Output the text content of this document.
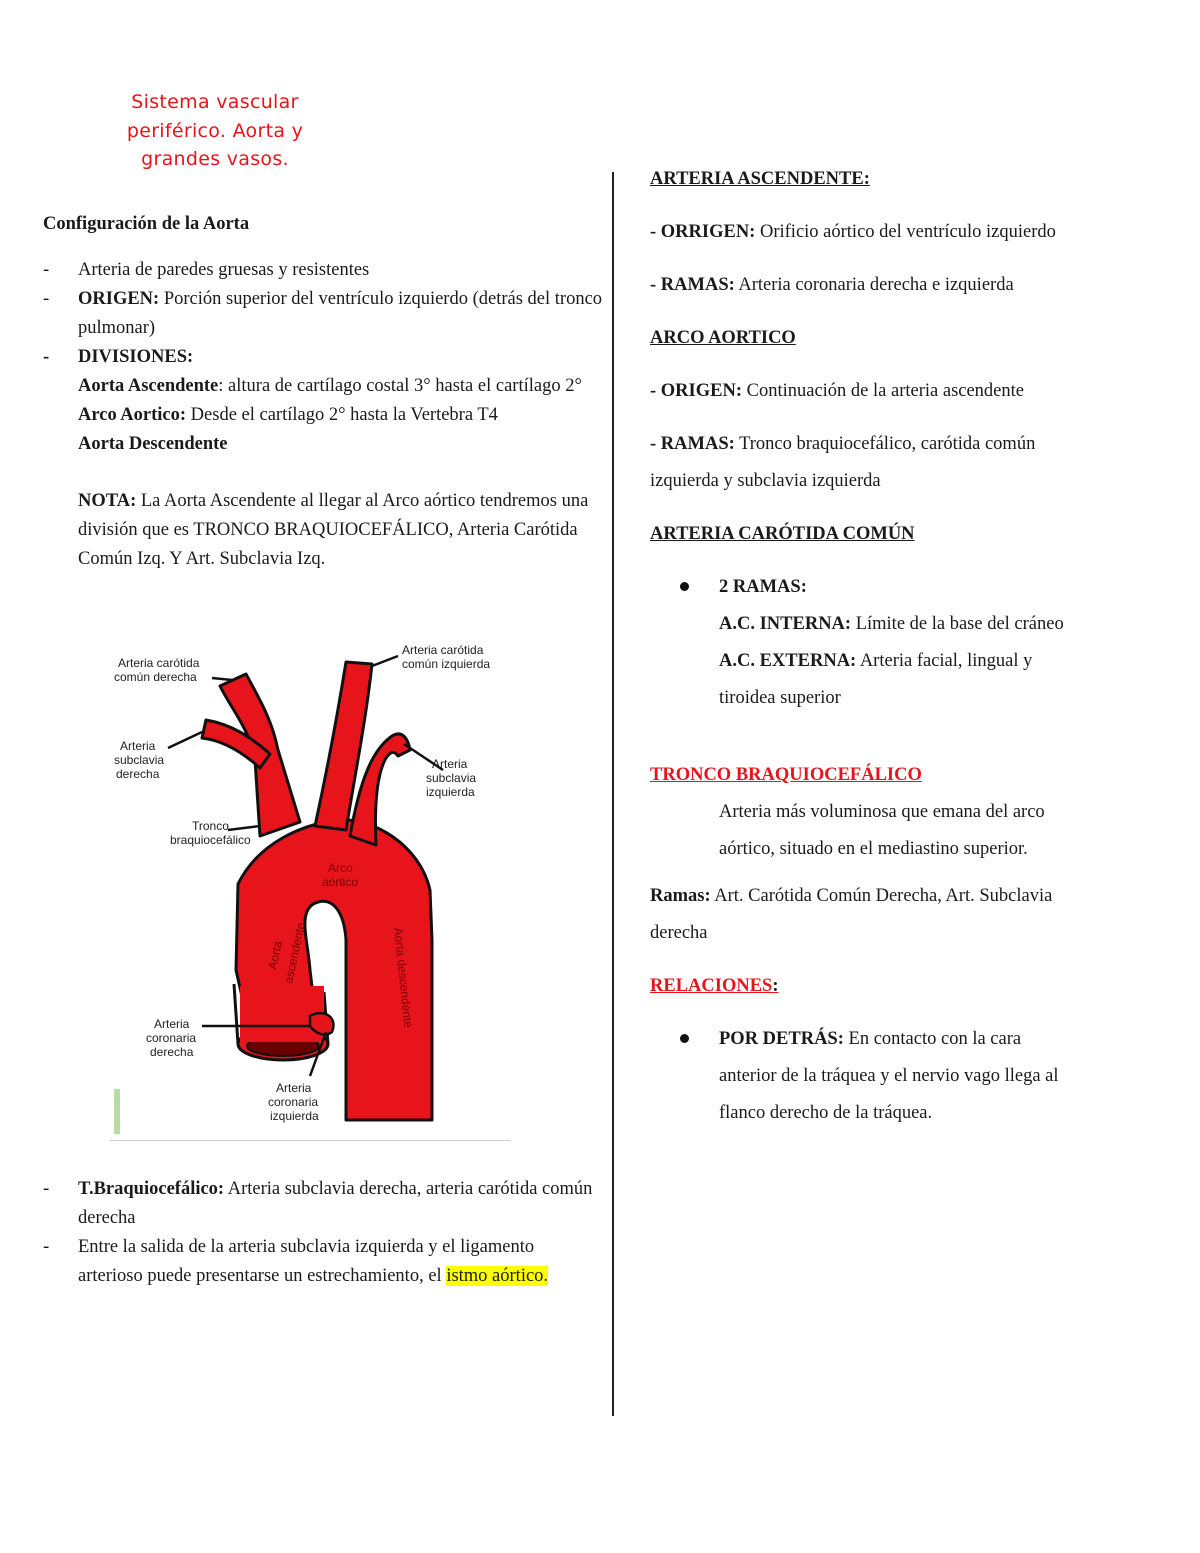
Sistema vascular periférico. Aorta y grandes vasos.

Configuración de la Aorta

- Arteria de paredes gruesas y resistentes
- ORIGEN: Porción superior del ventrículo izquierdo (detrás del tronco pulmonar)
- DIVISIONES:
Aorta Ascendente: altura de cartílago costal 3° hasta el cartílago 2°
Arco Aortico: Desde el cartílago 2° hasta la Vertebra T4
Aorta Descendente
NOTA: La Aorta Ascendente al llegar al Arco aórtico tendremos una división que es TRONCO BRAQUIOCEFÁLICO, Arteria Carótida Común Izq. Y Art. Subclavia Izq.
Arteria carótida
común derecha
Arteria carótida
común izquierda
Arteria
subclavia
derecha
Arteria
subclavia
izquierda
Tronco
braquiocefálico
Arco
aórtico
Aorta
ascendente	Aorta descendente
Arteria
coronaria
derecha
Arteria
coronaria
izquierda
- T.Braquiocefálico: Arteria subclavia derecha, arteria carótida común derecha
- Entre la salida de la arteria subclavia izquierda y el ligamento arterioso puede presentarse un estrechamiento, el istmo aórtico.

ARTERIA ASCENDENTE:

- ORRIGEN: Orificio aórtico del ventrículo izquierdo

- RAMAS: Arteria coronaria derecha e izquierda

ARCO AORTICO

- ORIGEN: Continuación de la arteria ascendente

- RAMAS: Tronco braquiocefálico, carótida común izquierda y subclavia izquierda

ARTERIA CARÓTIDA COMÚN

2 RAMAS:
A.C. INTERNA: Límite de la base del cráneo
A.C. EXTERNA: Arteria facial, lingual y tiroidea superior

TRONCO BRAQUIOCEFÁLICO

Arteria más voluminosa que emana del arco aórtico, situado en el mediastino superior.

Ramas: Art. Carótida Común Derecha, Art. Subclavia derecha

RELACIONES:

POR DETRÁS: En contacto con la cara anterior de la tráquea y el nervio vago llega al flanco derecho de la tráquea.
